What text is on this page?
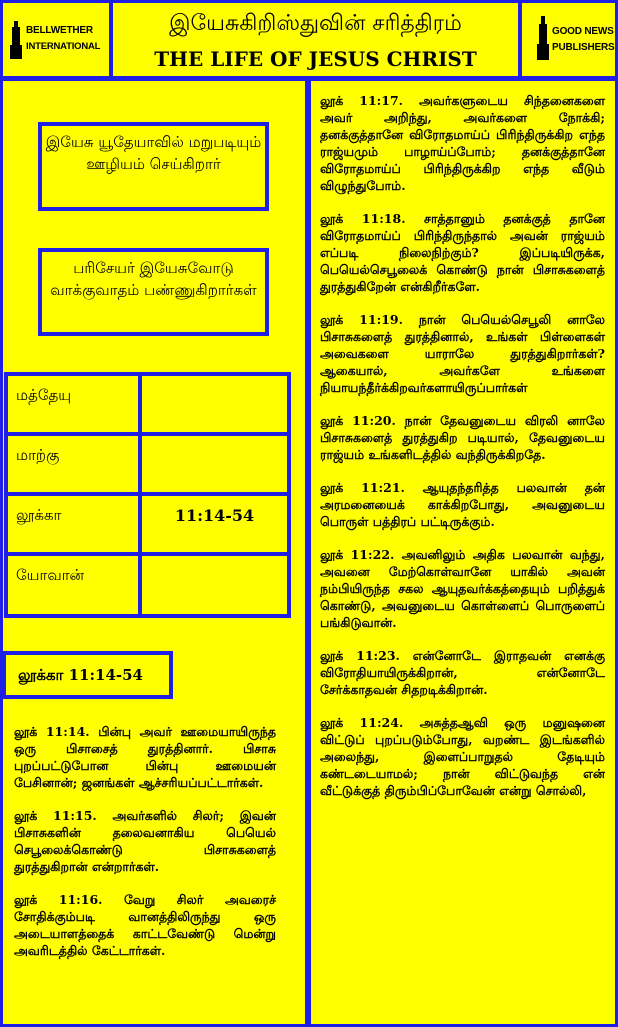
BELLWETHER
INTERNATIONAL
இயேசுகிறிஸ்துவின் சரித்திரம்
THE LIFE OF JESUS CHRIST
GOOD NEWS
PUBLISHERS
இயேசு யூதேயாவில் மறுபடியும் ஊழியம் செய்கிறார்
பரிசேயர் இயேசுவோடு வாக்குவாதம் பண்ணுகிறார்கள்
மத்தேயு	
மாற்கு	
லூக்கா	11:14-54
யோவான்	
லூக்கா 11:14-54

லூக் 11:14. பின்பு அவர் ஊமையாயிருந்த ஒரு பிசாசைத் துரத்தினார். பிசாசு புறப்பட்டுபோன பின்பு ஊமையன் பேசினான்; ஜனங்கள் ஆச்சரியப்பட்டார்கள்.

லூக் 11:15. அவர்களில் சிலர்; இவன் பிசாசுகளின் தலைவனாகிய பெயெல் செபூலைக்கொண்டு பிசாசுகளைத் துரத்துகிறான் என்றார்கள்.

லூக் 11:16. வேறு சிலர் அவரைச் சோதிக்கும்படி வானத்திலிருந்து ஒரு அடையாளத்தைக் காட்டவேண்டு மென்று அவரிடத்தில் கேட்டார்கள்.

லூக் 11:17. அவர்களுடைய சிந்தனைகளை அவர் அறிந்து, அவர்களை நோக்கி; தனக்குத்தானே விரோதமாய்ப் பிரிந்திருக்கிற எந்த ராஜ்யமும் பாழாய்ப்போம்; தனக்குத்தானே விரோதமாய்ப் பிரிந்திருக்கிற எந்த வீடும் விழுந்துபோம்.

லூக் 11:18. சாத்தானும் தனக்குத் தானே விரோதமாய்ப் பிரிந்திருந்தால் அவன் ராஜ்யம் எப்படி நிலைநிற்கும்? இப்படியிருக்க, பெயெல்செபூலைக் கொண்டு நான் பிசாசுகளைத் துரத்துகிறேன் என்கிறீர்களே.

லூக் 11:19. நான் பெயெல்செபூலி னாலே பிசாசுகளைத் துரத்தினால், உங்கள் பிள்ளைகள் அவைகளை யாராலே துரத்துகிறார்கள்? ஆகையால், அவர்களே உங்களை நியாயந்தீர்க்கிறவர்களாயிருப்பார்கள்

லூக் 11:20. நான் தேவனுடைய விரலி னாலே பிசாசுகளைத் துரத்துகிற படியால், தேவனுடைய ராஜ்யம் உங்களிடத்தில் வந்திருக்கிறதே.

லூக் 11:21. ஆயுதந்தரித்த பலவான் தன் அரமனையைக் காக்கிறபோது, அவனுடைய பொருள் பத்திரப் பட்டிருக்கும்.

லூக் 11:22. அவனிலும் அதிக பலவான் வந்து, அவனை மேற்கொள்வானே யாகில் அவன் நம்பியிருந்த சகல ஆயுதவர்க்கத்தையும் பறித்துக் கொண்டு, அவனுடைய கொள்ளைப் பொருளைப் பங்கிடுவான்.

லூக் 11:23. என்னோடே இராதவன் எனக்கு விரோதியாயிருக்கிறான், என்னோடே சேர்க்காதவன் சிதறடிக்கிறான்.

லூக் 11:24. அசுத்தஆவி ஒரு மனுஷனை விட்டுப் புறப்படும்போது, வறண்ட இடங்களில் அலைந்து, இளைப்பாறுதல் தேடியும் கண்டடையாமல்; நான் விட்டுவந்த என் வீட்டுக்குத் திரும்பிப்போவேன் என்று சொல்லி,
